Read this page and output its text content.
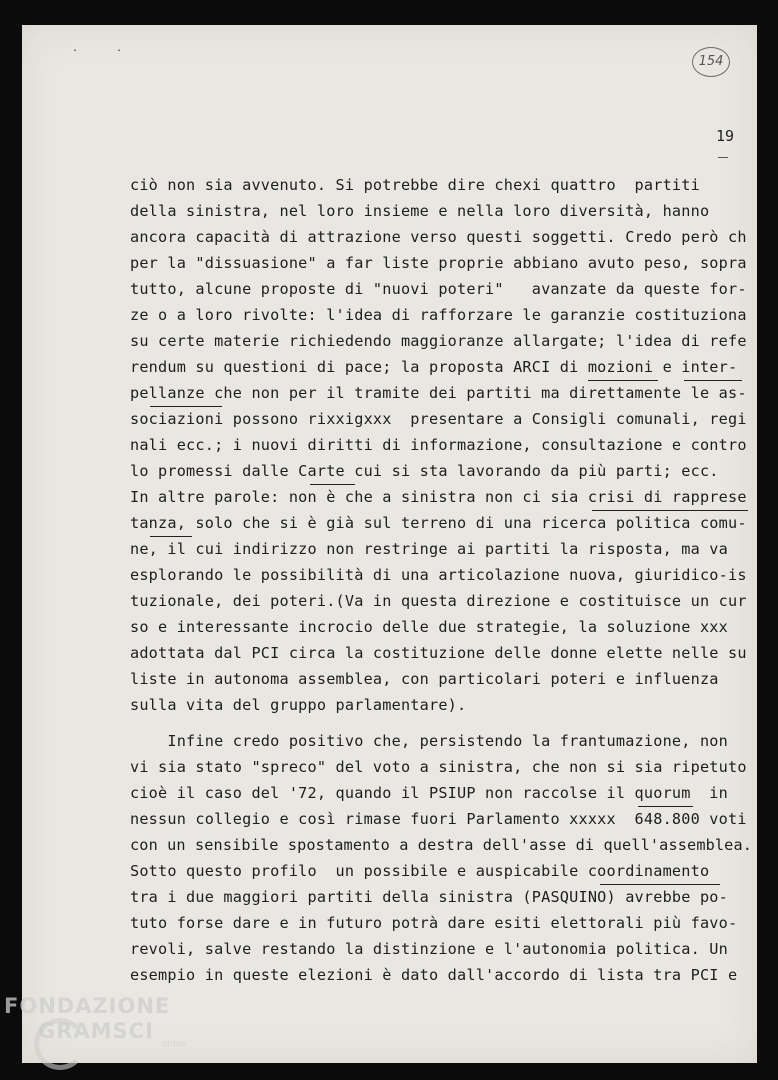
..
154
19
ciò non sia avvenuto. Si potrebbe dire chexi quattro  partiti
della sinistra, nel loro insieme e nella loro diversità, hanno
ancora capacità di attrazione verso questi soggetti. Credo però ch
per la "dissuasione" a far liste proprie abbiano avuto peso, sopra
tutto, alcune proposte di "nuovi poteri"   avanzate da queste for-
ze o a loro rivolte: l'idea di rafforzare le garanzie costituziona
su certe materie richiedendo maggioranze allargate; l'idea di refe
rendum su questioni di pace; la proposta ARCI di mozioni e inter-
pellanze che non per il tramite dei partiti ma direttamente le as-
sociazioni possono rixxigxxx  presentare a Consigli comunali, regi
nali ecc.; i nuovi diritti di informazione, consultazione e contro
lo promessi dalle Carte cui si sta lavorando da più parti; ecc.
In altre parole: non è che a sinistra non ci sia crisi di rapprese
tanza, solo che si è già sul terreno di una ricerca politica comu-
ne, il cui indirizzo non restringe ai partiti la risposta, ma va
esplorando le possibilità di una articolazione nuova, giuridico-is
tuzionale, dei poteri.(Va in questa direzione e costituisce un cur
so e interessante incrocio delle due strategie, la soluzione xxx
adottata dal PCI circa la costituzione delle donne elette nelle su
liste in autonoma assemblea, con particolari poteri e influenza
sulla vita del gruppo parlamentare).
Infine credo positivo che, persistendo la frantumazione, non
vi sia stato "spreco" del voto a sinistra, che non si sia ripetuto
cioè il caso del '72, quando il PSIUP non raccolse il quorum  in
nessun collegio e così rimase fuori Parlamento xxxxx  648.800 voti
con un sensibile spostamento a destra dell'asse di quell'assemblea.
Sotto questo profilo  un possibile e auspicabile coordinamento
tra i due maggiori partiti della sinistra (PASQUINO) avrebbe po-
tuto forse dare e in futuro potrà dare esiti elettorali più favo-
revoli, salve restando la distinzione e l'autonomia politica. Un
esempio in queste elezioni è dato dall'accordo di lista tra PCI e
FONDAZIONE
GRAMSCI
onlus
